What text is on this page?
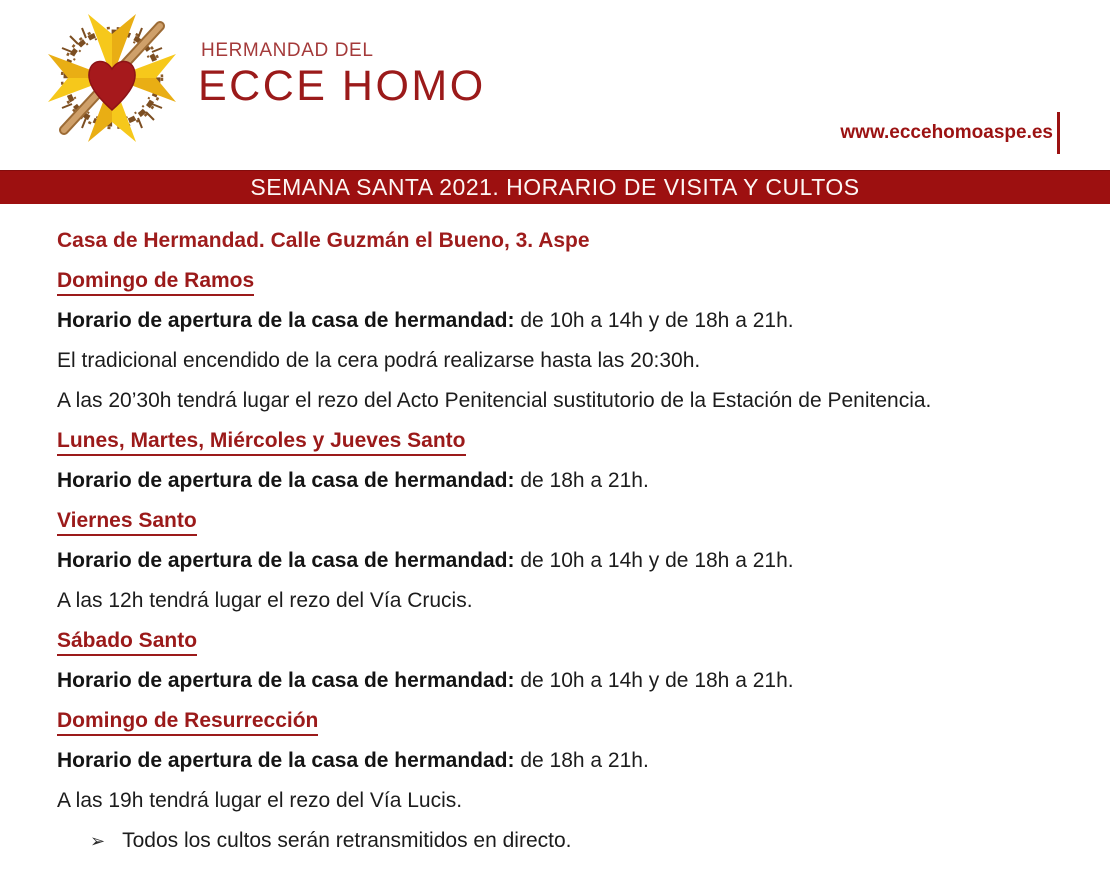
HERMANDAD DEL
ECCE HOMO
www.eccehomoaspe.es
SEMANA SANTA 2021. HORARIO DE VISITA Y CULTOS

Casa de Hermandad. Calle Guzmán el Bueno, 3. Aspe

Domingo de Ramos

Horario de apertura de la casa de hermandad: de 10h a 14h y de 18h a 21h.

El tradicional encendido de la cera podrá realizarse hasta las 20:30h.

A las 20’30h tendrá lugar el rezo del Acto Penitencial sustitutorio de la Estación de Penitencia.

Lunes, Martes, Miércoles y Jueves Santo

Horario de apertura de la casa de hermandad: de 18h a 21h.

Viernes Santo

Horario de apertura de la casa de hermandad: de 10h a 14h y de 18h a 21h.

A las 12h tendrá lugar el rezo del Vía Crucis.

Sábado Santo

Horario de apertura de la casa de hermandad: de 10h a 14h y de 18h a 21h.

Domingo de Resurrección

Horario de apertura de la casa de hermandad: de 18h a 21h.

A las 19h tendrá lugar el rezo del Vía Lucis.

➢ Todos los cultos serán retransmitidos en directo.
